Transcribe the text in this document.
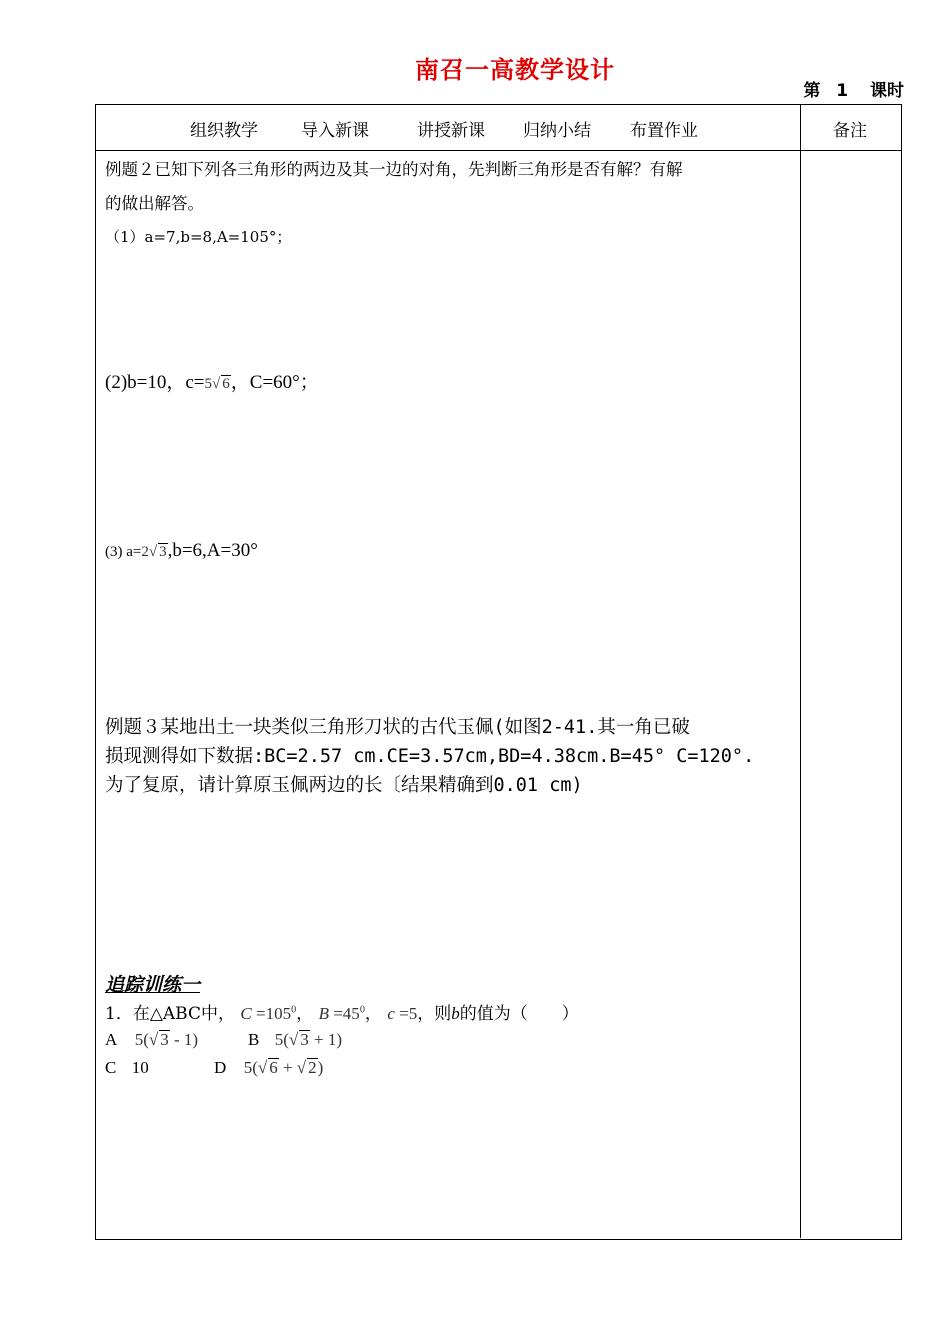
南召一高教学设计
第 1 课时
组织教学	导入新课	讲授新课 归纳小结 布置作业	备注
例题２已知下列各三角形的两边及其一边的对角，先判断三角形是否有解？有解
的做出解答。
（1）a=7,b=8,A=105°；
(2)b=10，c=5√ 6，C=60°；
(3) a=2√ 3,b=6,A=30°
例题３某地出土一块类似三角形刀状的古代玉佩(如图2-41.其一角已破
损现测得如下数据:BC=2.57 cm.CE=3.57cm,BD=4.38cm.B=45° C=120°.
为了复原，请计算原玉佩两边的长〔结果精确到0.01 cm)
追踪训练一
1．在△ABC中， $C =105^0$， $B =45^0$， c =5，则b的值为（　　）
A 5(√ 3 - 1)	B 5(√ 3 + 1)
C 10	D 5(√ 6 + √ 2)
